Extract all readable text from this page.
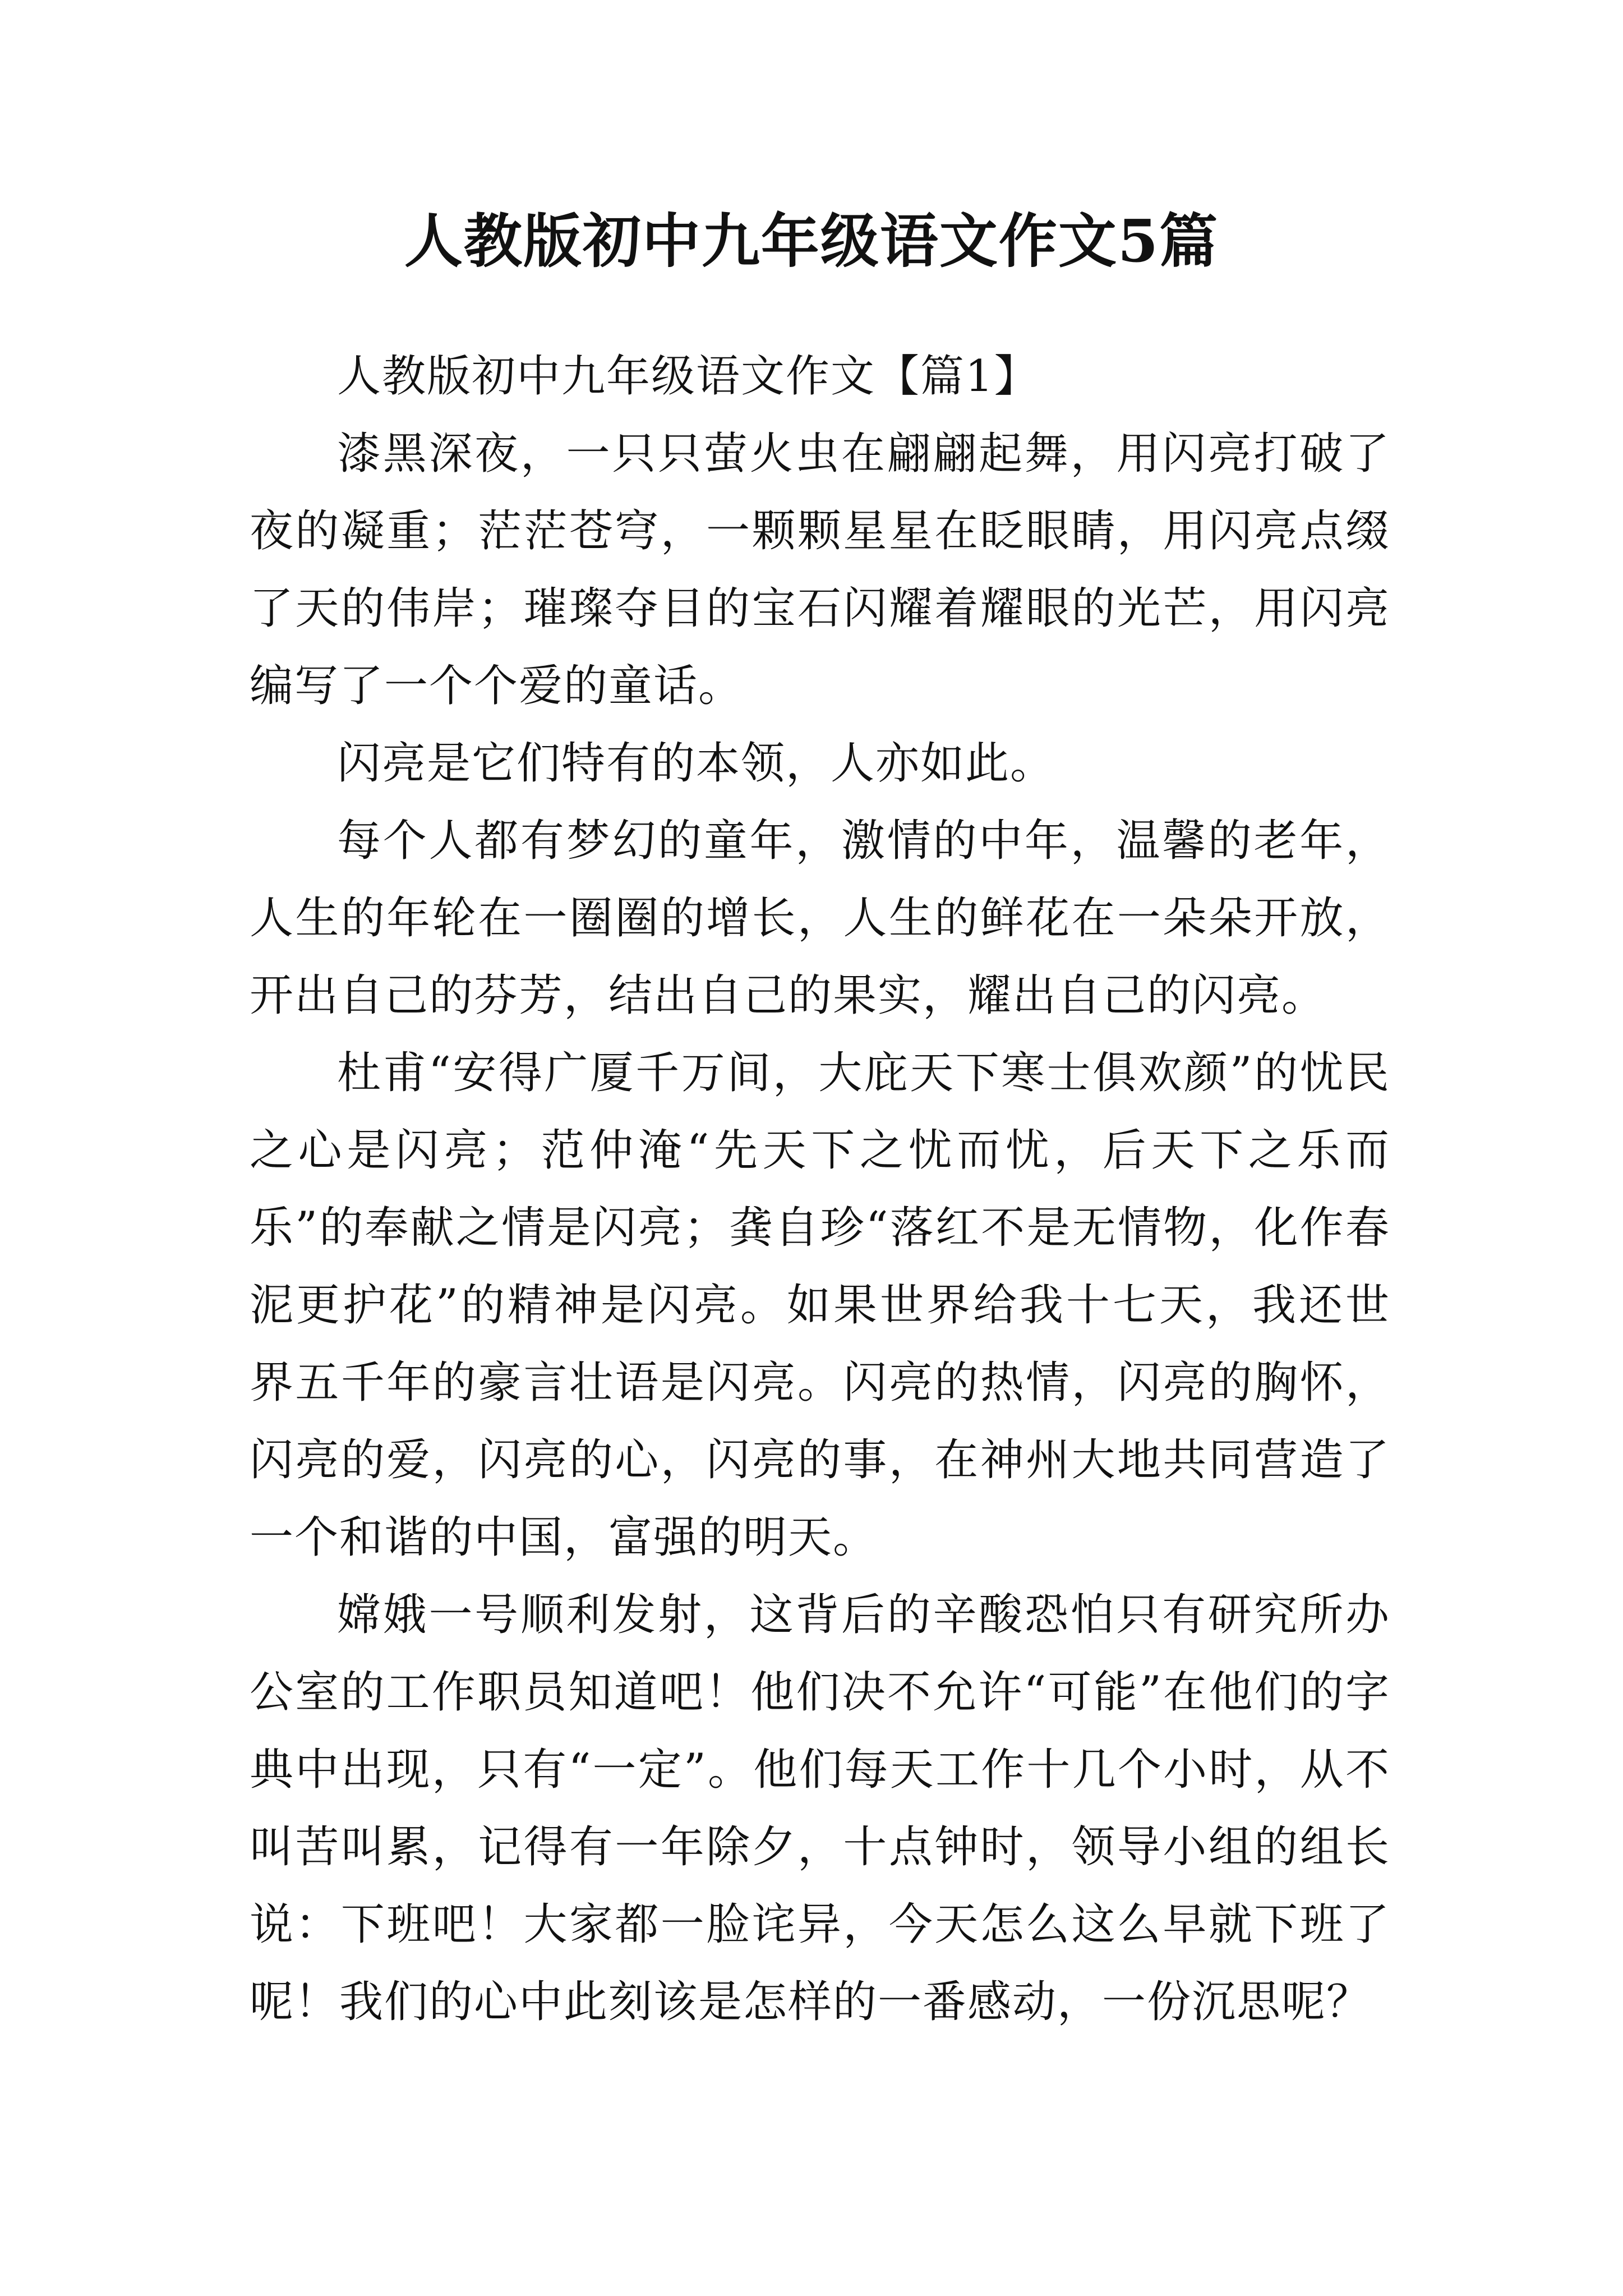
人教版初中九年级语文作文5篇

人教版初中九年级语文作文【篇1】

漆黑深夜，一只只萤火虫在翩翩起舞，用闪亮打破了夜的凝重；茫茫苍穹，一颗颗星星在眨眼睛，用闪亮点缀了天的伟岸；璀璨夺目的宝石闪耀着耀眼的光芒，用闪亮编写了一个个爱的童话。

闪亮是它们特有的本领，人亦如此。

每个人都有梦幻的童年，激情的中年，温馨的老年，人生的年轮在一圈圈的增长，人生的鲜花在一朵朵开放，开出自己的芬芳，结出自己的果实，耀出自己的闪亮。

杜甫“安得广厦千万间，大庇天下寒士俱欢颜”的忧民之心是闪亮；范仲淹“先天下之忧而忧，后天下之乐而乐”的奉献之情是闪亮；龚自珍“落红不是无情物，化作春泥更护花”的精神是闪亮。如果世界给我十七天，我还世界五千年的豪言壮语是闪亮。闪亮的热情，闪亮的胸怀，闪亮的爱，闪亮的心，闪亮的事，在神州大地共同营造了一个和谐的中国，富强的明天。

嫦娥一号顺利发射，这背后的辛酸恐怕只有研究所办公室的工作职员知道吧！他们决不允许“可能”在他们的字典中出现，只有“一定”。他们每天工作十几个小时，从不叫苦叫累，记得有一年除夕，十点钟时，领导小组的组长说：下班吧！大家都一脸诧异，今天怎么这么早就下班了呢！我们的心中此刻该是怎样的一番感动，一份沉思呢？
